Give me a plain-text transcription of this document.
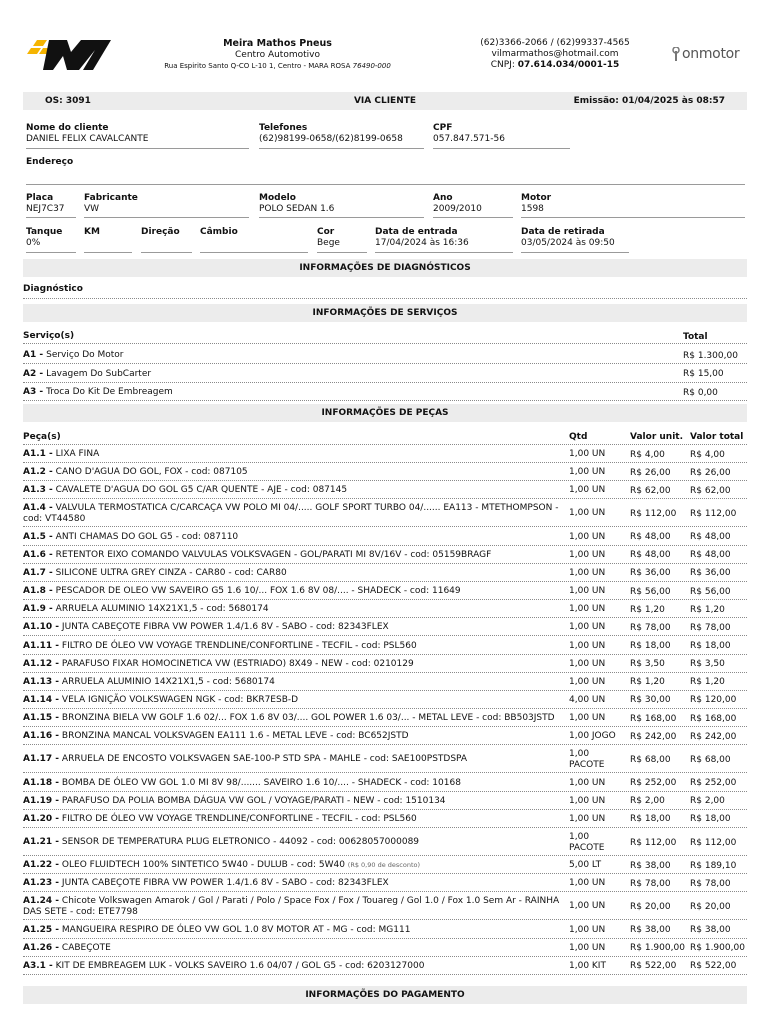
Meira Mathos Pneus
Centro Automotivo
Rua Espirito Santo Q-CO L-10 1, Centro - MARA ROSA 76490-000
(62)3366-2066 / (62)99337-4565
vilmarmathos@hotmail.com
CNPJ: 07.614.034/0001-15
onmotor
OS: 3091	VIA CLIENTE	Emissão: 01/04/2025 às 08:57
Nome do cliente
DANIEL FELIX CAVALCANTE
Telefones
(62)98199-0658/(62)8199-0658
CPF
057.847.571-56
Endereço
Placa
NEJ7C37
Fabricante
VW
Modelo
POLO SEDAN 1.6
Ano
2009/2010
Motor
1598
Tanque
0%
KM	Direção	Câmbio	Cor
Bege
Data de entrada
17/04/2024 às 16:36
Data de retirada
03/05/2024 às 09:50
INFORMAÇÕES DE DIAGNÓSTICOS
Diagnóstico
INFORMAÇÕES DE SERVIÇOS
Serviço(s)	Total
A1 - Serviço Do Motor	R$ 1.300,00
A2 - Lavagem Do SubCarter	R$ 15,00
A3 - Troca Do Kit De Embreagem	R$ 0,00
INFORMAÇÕES DE PEÇAS
Peça(s)	Qtd	Valor unit. Valor total
A1.1 - LIXA FINA	1,00 UN	R$ 4,00	R$ 4,00
A1.2 - CANO D'AGUA DO GOL, FOX - cod: 087105	1,00 UN	R$ 26,00	R$ 26,00
A1.3 - CAVALETE D'AGUA DO GOL G5 C/AR QUENTE - AJE - cod: 087145	1,00 UN	R$ 62,00	R$ 62,00
A1.4 - VALVULA TERMOSTATICA C/CARCAÇA VW POLO MI 04/..... GOLF SPORT TURBO 04/...... EA113 - MTETHOMPSON - cod: VT44580
1,00 UN	R$ 112,00	R$ 112,00
A1.5 - ANTI CHAMAS DO GOL G5 - cod: 087110	1,00 UN	R$ 48,00	R$ 48,00
A1.6 - RETENTOR EIXO COMANDO VALVULAS VOLKSVAGEN - GOL/PARATI MI 8V/16V - cod: 05159BRAGF	1,00 UN	R$ 48,00	R$ 48,00
A1.7 - SILICONE ULTRA GREY CINZA - CAR80 - cod: CAR80	1,00 UN	R$ 36,00	R$ 36,00
A1.8 - PESCADOR DE OLEO VW SAVEIRO G5 1.6 10/... FOX 1.6 8V 08/.... - SHADECK - cod: 11649	1,00 UN	R$ 56,00	R$ 56,00
A1.9 - ARRUELA ALUMINIO 14X21X1,5 - cod: 5680174	1,00 UN	R$ 1,20	R$ 1,20
A1.10 - JUNTA CABEÇOTE FIBRA VW POWER 1.4/1.6 8V - SABO - cod: 82343FLEX	1,00 UN	R$ 78,00	R$ 78,00
A1.11 - FILTRO DE ÓLEO VW VOYAGE TRENDLINE/CONFORTLINE - TECFIL - cod: PSL560	1,00 UN	R$ 18,00	R$ 18,00
A1.12 - PARAFUSO FIXAR HOMOCINETICA VW (ESTRIADO) 8X49 - NEW - cod: 0210129	1,00 UN	R$ 3,50	R$ 3,50
A1.13 - ARRUELA ALUMINIO 14X21X1,5 - cod: 5680174	1,00 UN	R$ 1,20	R$ 1,20
A1.14 - VELA IGNIÇÃO VOLKSWAGEN NGK - cod: BKR7ESB-D	4,00 UN	R$ 30,00	R$ 120,00
A1.15 - BRONZINA BIELA VW GOLF 1.6 02/... FOX 1.6 8V 03/.... GOL POWER 1.6 03/... - METAL LEVE - cod: BB503JSTD 1,00 UN	R$ 168,00	R$ 168,00
A1.16 - BRONZINA MANCAL VOLKSVAGEN EA111 1.6 - METAL LEVE - cod: BC652JSTD	1,00 JOGO	R$ 242,00	R$ 242,00
A1.17 - ARRUELA DE ENCOSTO VOLKSVAGEN SAE-100-P STD SPA - MAHLE - cod: SAE100PSTDSPA
1,00 PACOTE	R$ 68,00	R$ 68,00
A1.18 - BOMBA DE ÓLEO VW GOL 1.0 MI 8V 98/....... SAVEIRO 1.6 10/.... - SHADECK - cod: 10168	1,00 UN	R$ 252,00	R$ 252,00
A1.19 - PARAFUSO DA POLIA BOMBA DÁGUA VW GOL / VOYAGE/PARATI - NEW - cod: 1510134	1,00 UN	R$ 2,00	R$ 2,00
A1.20 - FILTRO DE ÓLEO VW VOYAGE TRENDLINE/CONFORTLINE - TECFIL - cod: PSL560	1,00 UN	R$ 18,00	R$ 18,00
A1.21 - SENSOR DE TEMPERATURA PLUG ELETRONICO - 44092 - cod: 00628057000089
1,00 PACOTE	R$ 112,00	R$ 112,00
A1.22 - OLEO FLUIDTECH 100% SINTETICO 5W40 - DULUB - cod: 5W40 (R$ 0,90 de desconto)	5,00 LT	R$ 38,00	R$ 189,10
A1.23 - JUNTA CABEÇOTE FIBRA VW POWER 1.4/1.6 8V - SABO - cod: 82343FLEX	1,00 UN	R$ 78,00	R$ 78,00
A1.24 - Chicote Volkswagen Amarok / Gol / Parati / Polo / Space Fox / Fox / Touareg / Gol 1.0 / Fox 1.0 Sem Ar - RAINHA DAS SETE - cod: ETE7798
1,00 UN	R$ 20,00	R$ 20,00
A1.25 - MANGUEIRA RESPIRO DE ÓLEO VW GOL 1.0 8V MOTOR AT - MG - cod: MG111	1,00 UN	R$ 38,00	R$ 38,00
A1.26 - CABEÇOTE	1,00 UN	R$ 1.900,00 R$ 1.900,00
A3.1 - KIT DE EMBREAGEM LUK - VOLKS SAVEIRO 1.6 04/07 / GOL G5 - cod: 6203127000	1,00 KIT	R$ 522,00	R$ 522,00
INFORMAÇÕES DO PAGAMENTO
